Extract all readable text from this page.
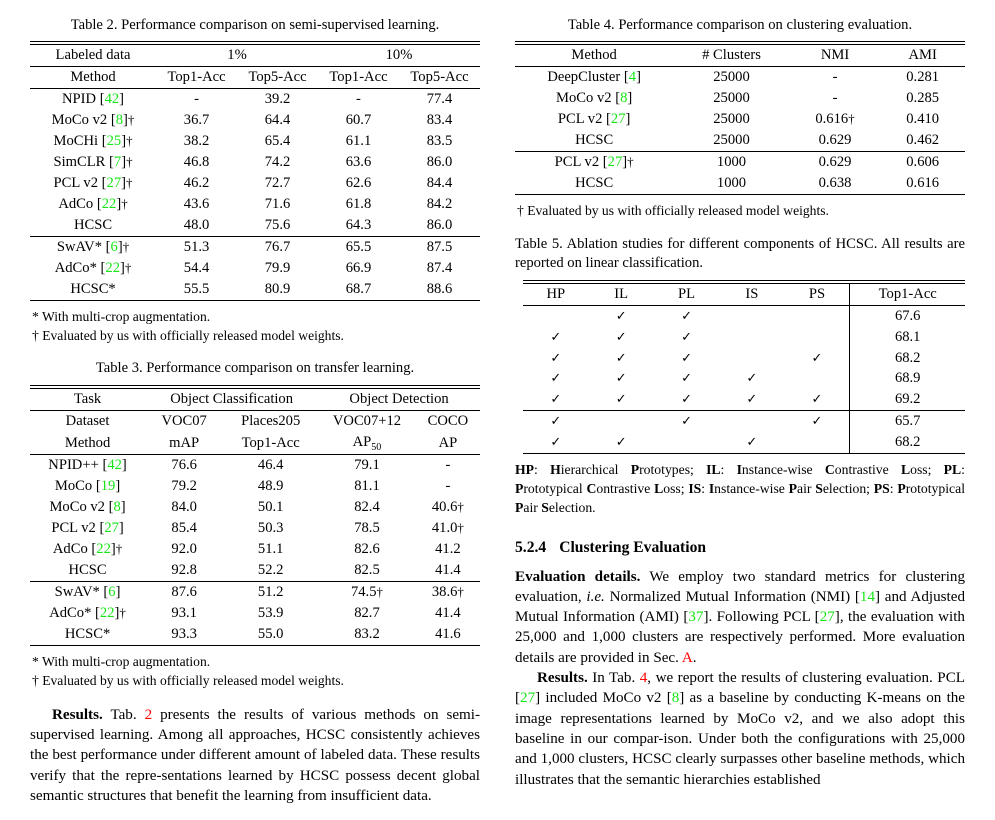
Table 2. Performance comparison on semi-supervised learning.

Labeled data	1%		10%	
Method	Top1-Acc	Top5-Acc	Top1-Acc	Top5-Acc
NPID [42]	-	39.2	-	77.4
MoCo v2 [8]†	36.7	64.4	60.7	83.4
MoCHi [25]†	38.2	65.4	61.1	83.5
SimCLR [7]†	46.8	74.2	63.6	86.0
PCL v2 [27]†	46.2	72.7	62.6	84.4
AdCo [22]†	43.6	71.6	61.8	84.2
HCSC	48.0	75.6	64.3	86.0
SwAV* [6]†	51.3	76.7	65.5	87.5
AdCo* [22]†	54.4	79.9	66.9	87.4
HCSC*	55.5	80.9	68.7	88.6

* With multi-crop augmentation.

† Evaluated by us with officially released model weights.

Table 3. Performance comparison on transfer learning.

Task	Object Classification		Object Detection	
Dataset	VOC07	Places205	VOC07+12	COCO
Method	mAP	Top1-Acc	$AP_{50}$	AP
NPID++ [42]	76.6	46.4	79.1	-
MoCo [19]	79.2	48.9	81.1	-
MoCo v2 [8]	84.0	50.1	82.4	40.6†
PCL v2 [27]	85.4	50.3	78.5	41.0†
AdCo [22]†	92.0	51.1	82.6	41.2
HCSC	92.8	52.2	82.5	41.4
SwAV* [6]	87.6	51.2	74.5†	38.6†
AdCo* [22]†	93.1	53.9	82.7	41.4
HCSC*	93.3	55.0	83.2	41.6

* With multi-crop augmentation.

† Evaluated by us with officially released model weights.

Results. Tab. 2 presents the results of various methods on semi-supervised learning. Among all approaches, HCSC consistently achieves the best performance under different amount of labeled data. These results verify that the repre-sentations learned by HCSC possess decent global semantic structures that benefit the learning from insufficient data.

Table 4. Performance comparison on clustering evaluation.

Method	# Clusters	NMI	AMI
DeepCluster [4]	25000	-	0.281
MoCo v2 [8]	25000	-	0.285
PCL v2 [27]	25000	0.616†	0.410
HCSC	25000	0.629	0.462
PCL v2 [27]†	1000	0.629	0.606
HCSC	1000	0.638	0.616

† Evaluated by us with officially released model weights.

Table 5. Ablation studies for different components of HCSC. All results are reported on linear classification.

HP	IL	PL	IS	PS	Top1-Acc
	✓	✓			67.6
✓	✓	✓			68.1
✓	✓	✓		✓	68.2
✓	✓	✓	✓		68.9
✓	✓	✓	✓	✓	69.2
✓		✓		✓	65.7
✓	✓		✓		68.2

HP: Hierarchical Prototypes; IL: Instance-wise Contrastive Loss; PL: Prototypical Contrastive Loss; IS: Instance-wise Pair Selection; PS: Prototypical Pair Selection.

5.2.4 Clustering Evaluation

Evaluation details. We employ two standard metrics for clustering evaluation, i.e. Normalized Mutual Information (NMI) [14] and Adjusted Mutual Information (AMI) [37]. Following PCL [27], the evaluation with 25,000 and 1,000 clusters are respectively performed. More evaluation details are provided in Sec. A.

Results. In Tab. 4, we report the results of clustering evaluation. PCL [27] included MoCo v2 [8] as a baseline by conducting K-means on the image representations learned by MoCo v2, and we also adopt this baseline in our compar-ison. Under both the configurations with 25,000 and 1,000 clusters, HCSC clearly surpasses other baseline methods, which illustrates that the semantic hierarchies established
